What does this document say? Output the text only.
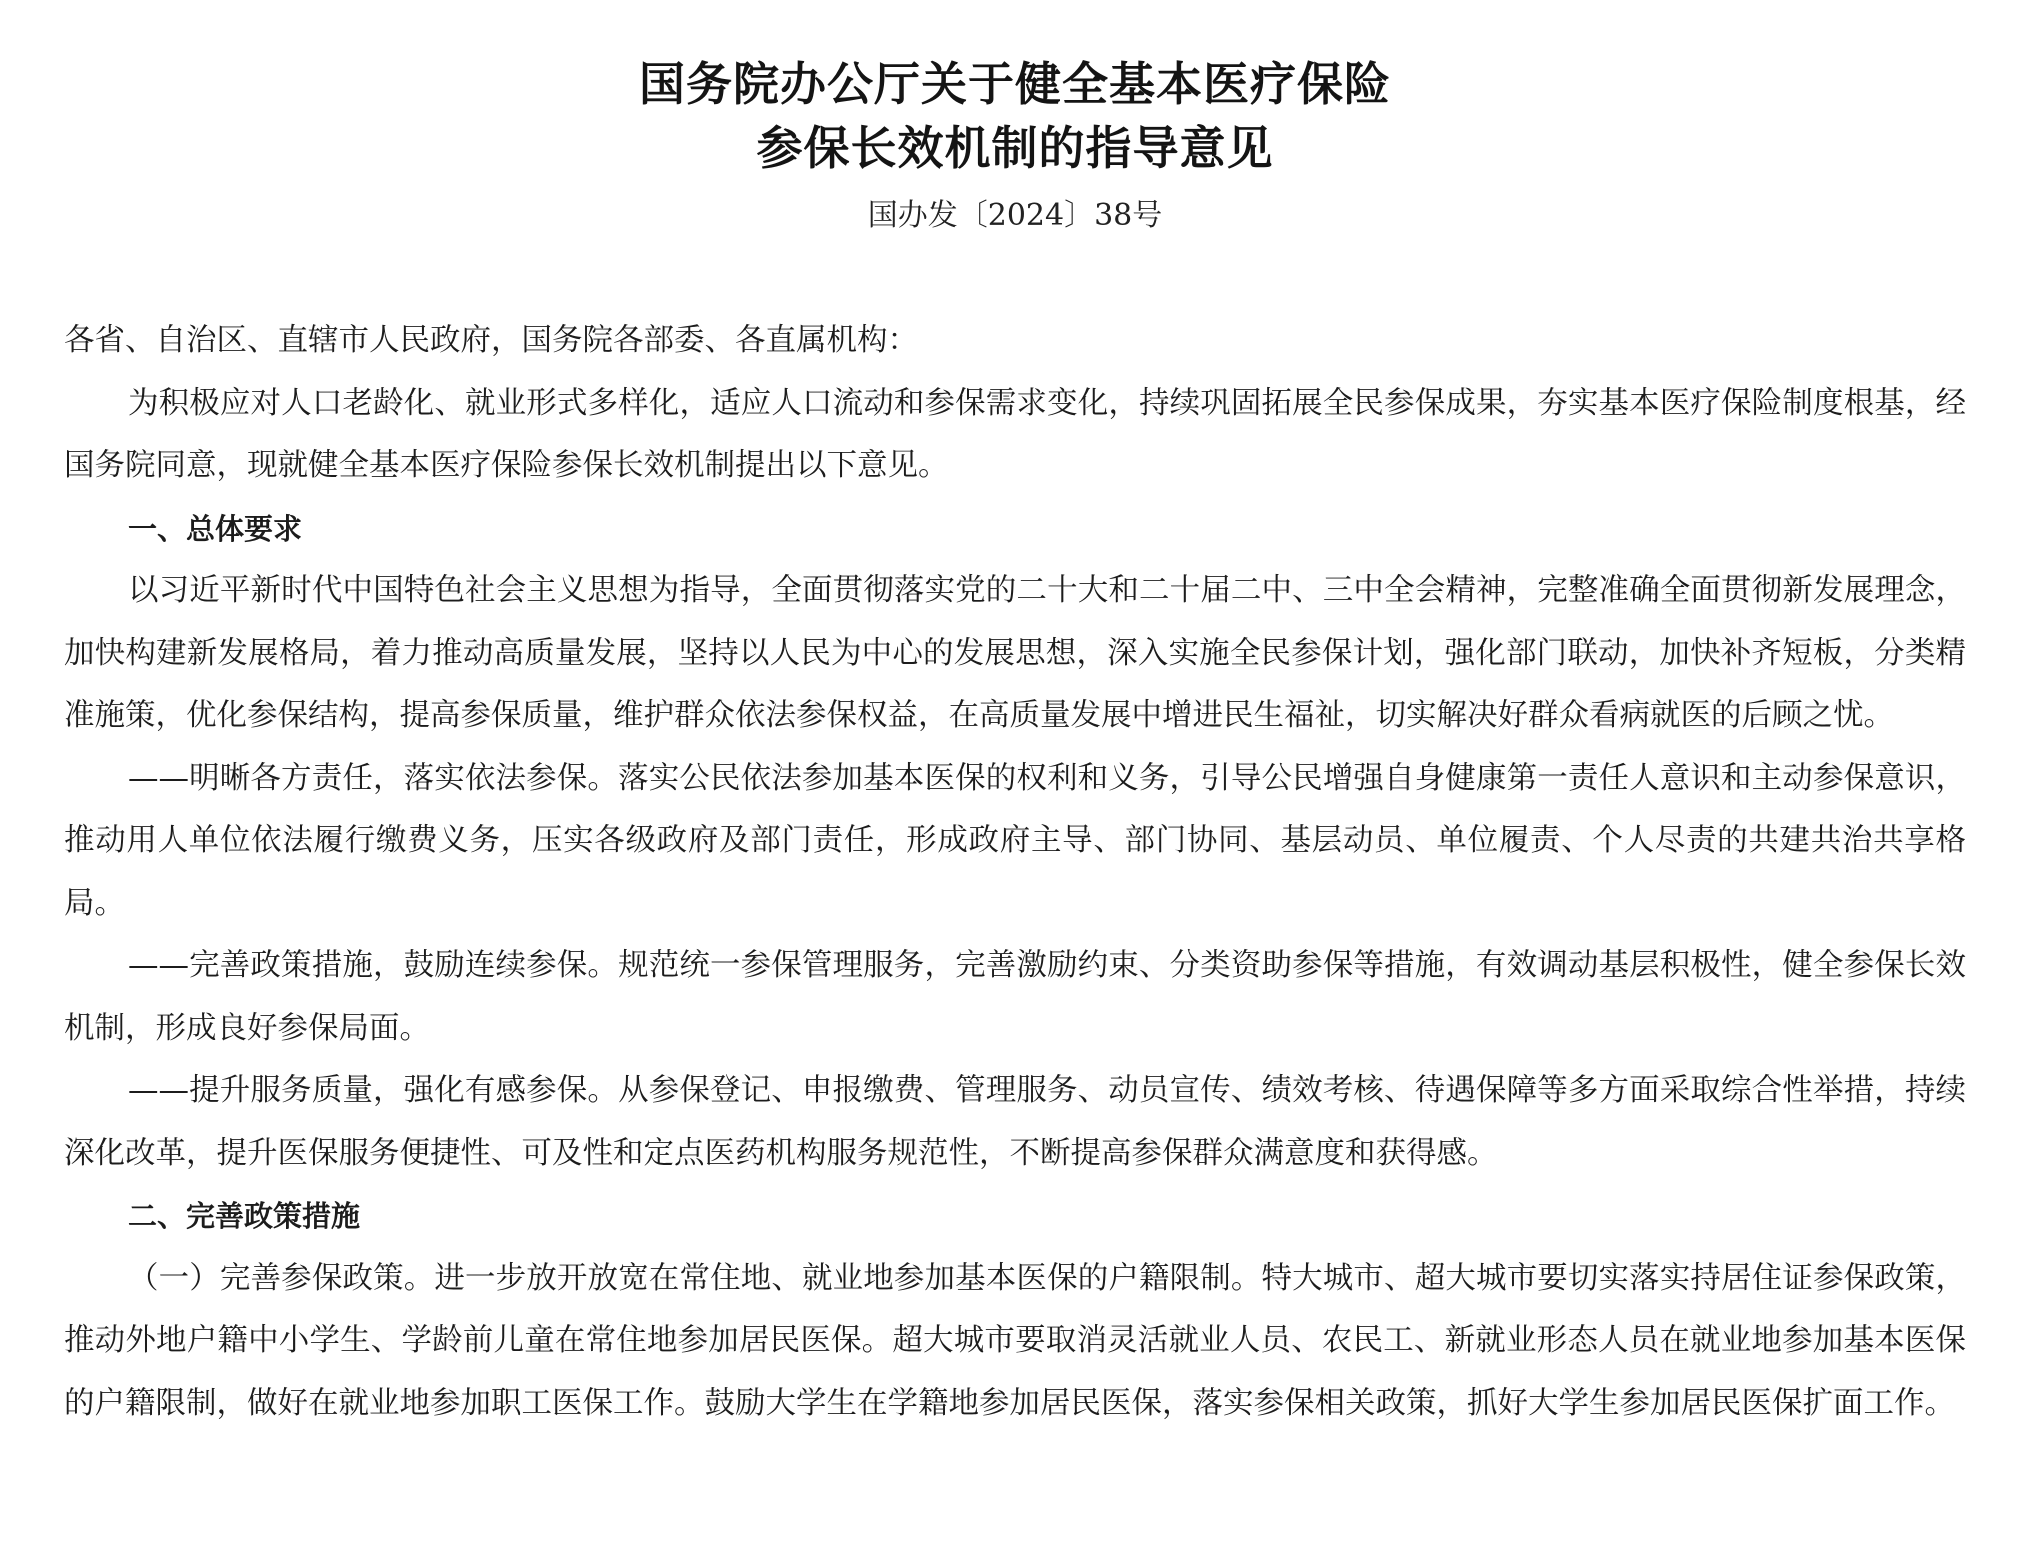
国务院办公厅关于健全基本医疗保险
参保长效机制的指导意见
国办发〔2024〕38号

各省、自治区、直辖市人民政府，国务院各部委、各直属机构：

为积极应对人口老龄化、就业形式多样化，适应人口流动和参保需求变化，持续巩固拓展全民参保成果，夯实基本医疗保险制度根基，经国务院同意，现就健全基本医疗保险参保长效机制提出以下意见。

一、总体要求

以习近平新时代中国特色社会主义思想为指导，全面贯彻落实党的二十大和二十届二中、三中全会精神，完整准确全面贯彻新发展理念，加快构建新发展格局，着力推动高质量发展，坚持以人民为中心的发展思想，深入实施全民参保计划，强化部门联动，加快补齐短板，分类精准施策，优化参保结构，提高参保质量，维护群众依法参保权益，在高质量发展中增进民生福祉，切实解决好群众看病就医的后顾之忧。

——明晰各方责任，落实依法参保。落实公民依法参加基本医保的权利和义务，引导公民增强自身健康第一责任人意识和主动参保意识，推动用人单位依法履行缴费义务，压实各级政府及部门责任，形成政府主导、部门协同、基层动员、单位履责、个人尽责的共建共治共享格局。

——完善政策措施，鼓励连续参保。规范统一参保管理服务，完善激励约束、分类资助参保等措施，有效调动基层积极性，健全参保长效机制，形成良好参保局面。

——提升服务质量，强化有感参保。从参保登记、申报缴费、管理服务、动员宣传、绩效考核、待遇保障等多方面采取综合性举措，持续深化改革，提升医保服务便捷性、可及性和定点医药机构服务规范性，不断提高参保群众满意度和获得感。

二、完善政策措施

（一）完善参保政策。进一步放开放宽在常住地、就业地参加基本医保的户籍限制。特大城市、超大城市要切实落实持居住证参保政策，推动外地户籍中小学生、学龄前儿童在常住地参加居民医保。超大城市要取消灵活就业人员、农民工、新就业形态人员在就业地参加基本医保的户籍限制，做好在就业地参加职工医保工作。鼓励大学生在学籍地参加居民医保，落实参保相关政策，抓好大学生参加居民医保扩面工作。
